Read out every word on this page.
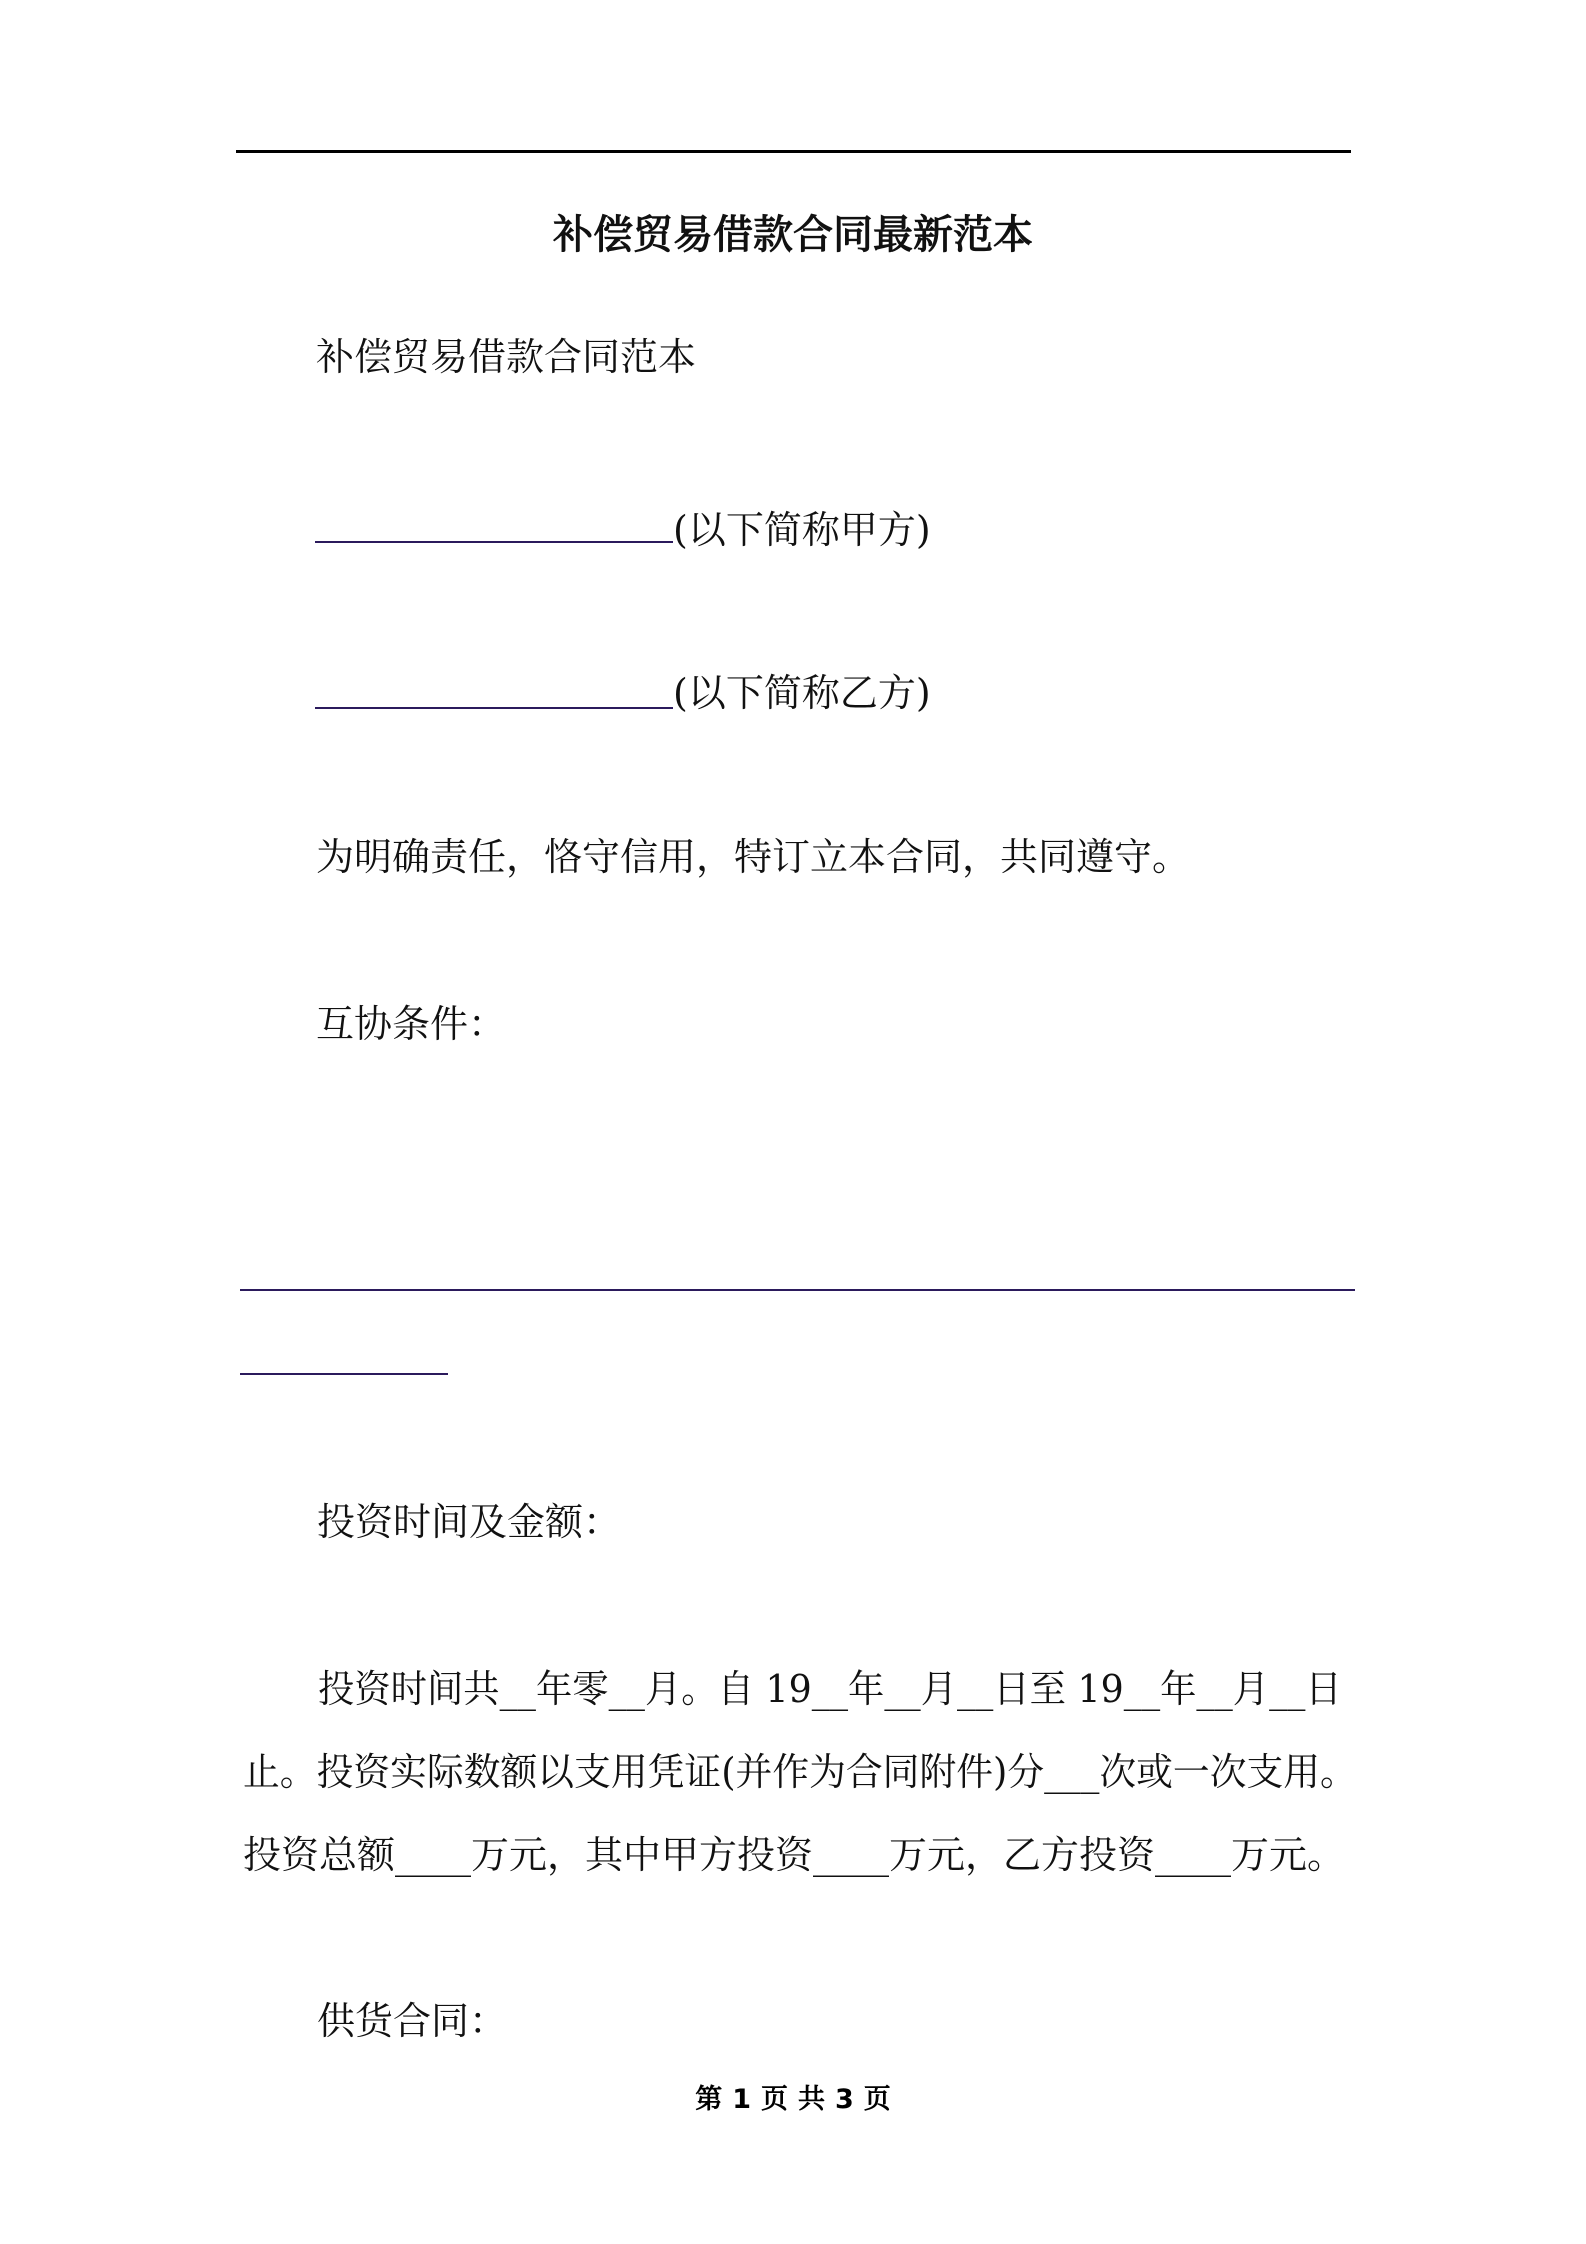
补偿贸易借款合同最新范本
补偿贸易借款合同范本
(以下简称甲方)
(以下简称乙方)
为明确责任，恪守信用，特订立本合同，共同遵守。
互协条件：
投资时间及金额：
投资时间共__年零__月。自 19__年__月__日至 19__年__月__日
止。投资实际数额以支用凭证(并作为合同附件)分___次或一次支用。
投资总额____万元，其中甲方投资____万元，乙方投资____万元。
供货合同：
第 1 页 共 3 页
